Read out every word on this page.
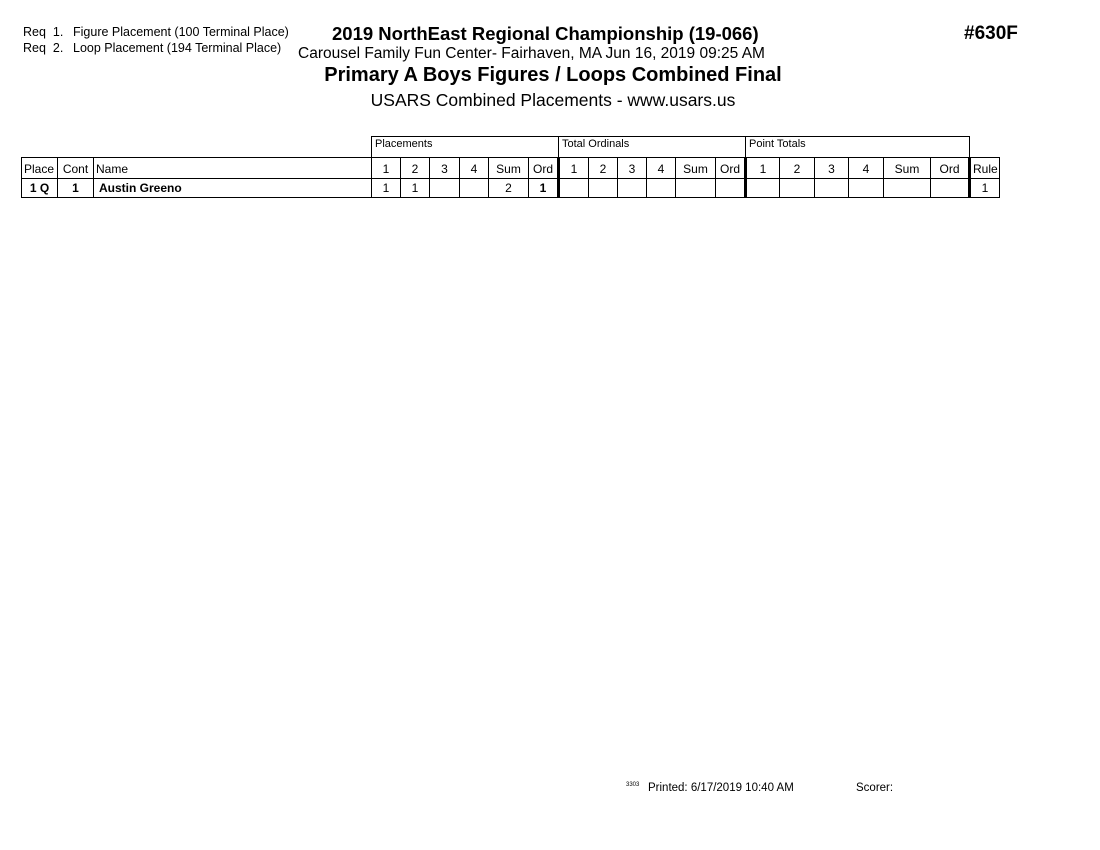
Req 1. Figure Placement (100 Terminal Place)
Req 2. Loop Placement (194 Terminal Place)
2019 NorthEast Regional Championship (19-066)
Carousel Family Fun Center- Fairhaven, MA Jun 16, 2019 09:25 AM
Primary A Boys Figures / Loops Combined Final
USARS Combined Placements - www.usars.us
#630F
			Placements						Total Ordinals						Point Totals						
Place	Cont	Name	1	2	3	4	Sum	Ord	1	2	3	4	Sum	Ord	1	2	3	4	Sum	Ord	Rule
1 Q	1	Austin Greeno	1	1			2	1													1
3303 Printed: 6/17/2019 10:40 AM	Scorer:
